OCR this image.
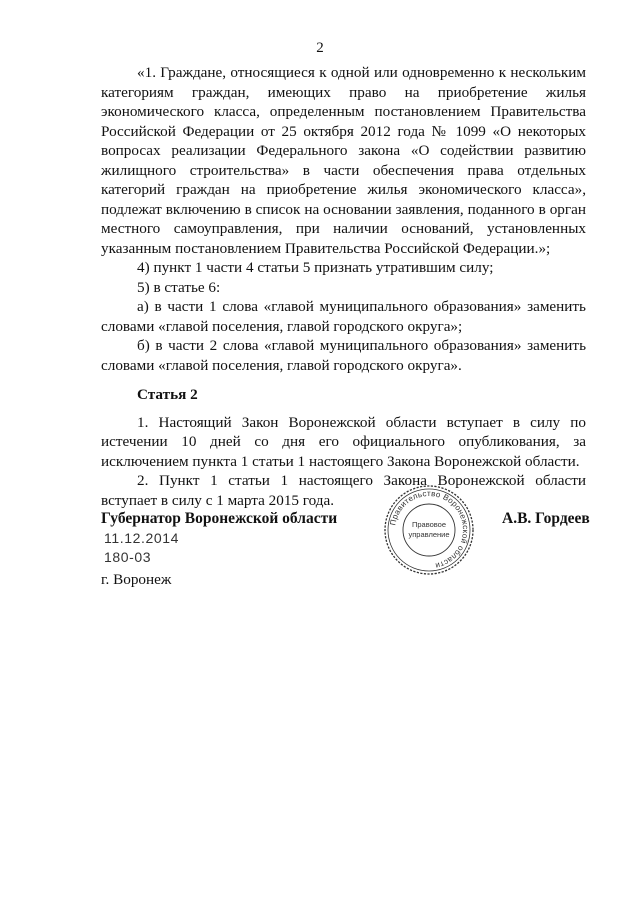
2

«1. Граждане, относящиеся к одной или одновременно к нескольким категориям граждан, имеющих право на приобретение жилья экономического класса, определенным постановлением Правительства Российской Федерации от 25 октября 2012 года № 1099 «О некоторых вопросах реализации Федерального закона «О содействии развитию жилищного строительства» в части обеспечения права отдельных категорий граждан на приобретение жилья экономического класса», подлежат включению в список на основании заявления, поданного в орган местного самоуправления, при наличии оснований, установленных указанным постановлением Правительства Российской Федерации.»;

4) пункт 1 части 4 статьи 5 признать утратившим силу;

5) в статье 6:

а) в части 1 слова «главой муниципального образования» заменить словами «главой поселения, главой городского округа»;

б) в части 2 слова «главой муниципального образования» заменить словами «главой поселения, главой городского округа».

Статья 2

1. Настоящий Закон Воронежской области вступает в силу по истечении 10 дней со дня его официального опубликования, за исключением пункта 1 статьи 1 настоящего Закона Воронежской области.

2. Пункт 1 статьи 1 настоящего Закона Воронежской области вступает в силу с 1 марта 2015 года.

Губернатор Воронежской области
11.12.2014
180-03
г. Воронеж
А.В. Гордеев
Правительство Воронежской области
Правовое
управление
